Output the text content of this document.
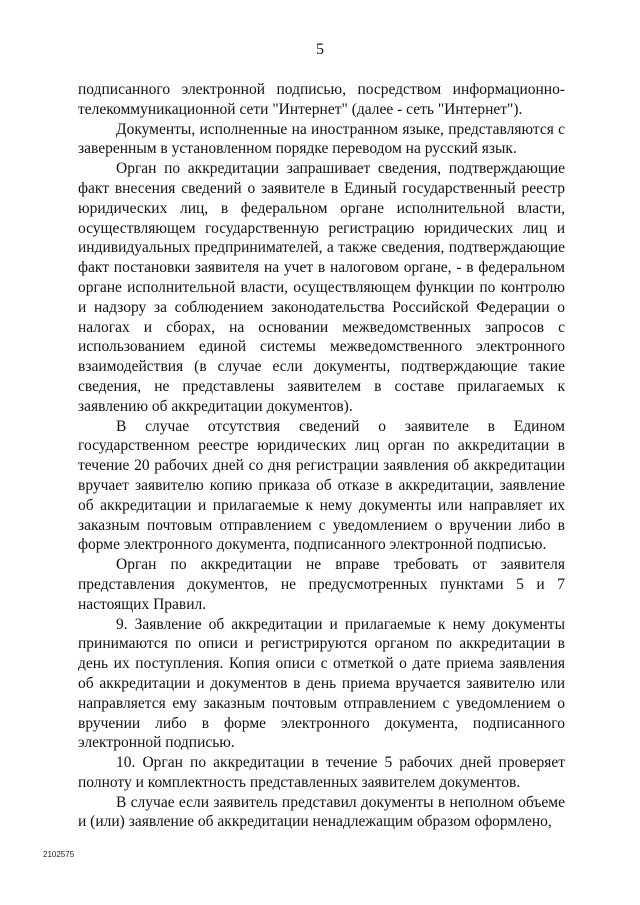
5

подписанного электронной подписью, посредством информационно-телекоммуникационной сети "Интернет" (далее - сеть "Интернет").

Документы, исполненные на иностранном языке, представляются с заверенным в установленном порядке переводом на русский язык.

Орган по аккредитации запрашивает сведения, подтверждающие факт внесения сведений о заявителе в Единый государственный реестр юридических лиц, в федеральном органе исполнительной власти, осуществляющем государственную регистрацию юридических лиц и индивидуальных предпринимателей, а также сведения, подтверждающие факт постановки заявителя на учет в налоговом органе, - в федеральном органе исполнительной власти, осуществляющем функции по контролю и надзору за соблюдением законодательства Российской Федерации о налогах и сборах, на основании межведомственных запросов с использованием единой системы межведомственного электронного взаимодействия (в случае если документы, подтверждающие такие сведения, не представлены заявителем в составе прилагаемых к заявлению об аккредитации документов).

В случае отсутствия сведений о заявителе в Едином государственном реестре юридических лиц орган по аккредитации в течение 20 рабочих дней со дня регистрации заявления об аккредитации вручает заявителю копию приказа об отказе в аккредитации, заявление об аккредитации и прилагаемые к нему документы или направляет их заказным почтовым отправлением с уведомлением о вручении либо в форме электронного документа, подписанного электронной подписью.

Орган по аккредитации не вправе требовать от заявителя представления документов, не предусмотренных пунктами 5 и 7 настоящих Правил.

9. Заявление об аккредитации и прилагаемые к нему документы принимаются по описи и регистрируются органом по аккредитации в день их поступления. Копия описи с отметкой о дате приема заявления об аккредитации и документов в день приема вручается заявителю или направляется ему заказным почтовым отправлением с уведомлением о вручении либо в форме электронного документа, подписанного электронной подписью.

10. Орган по аккредитации в течение 5 рабочих дней проверяет полноту и комплектность представленных заявителем документов.

В случае если заявитель представил документы в неполном объеме и (или) заявление об аккредитации ненадлежащим образом оформлено,

2102575
